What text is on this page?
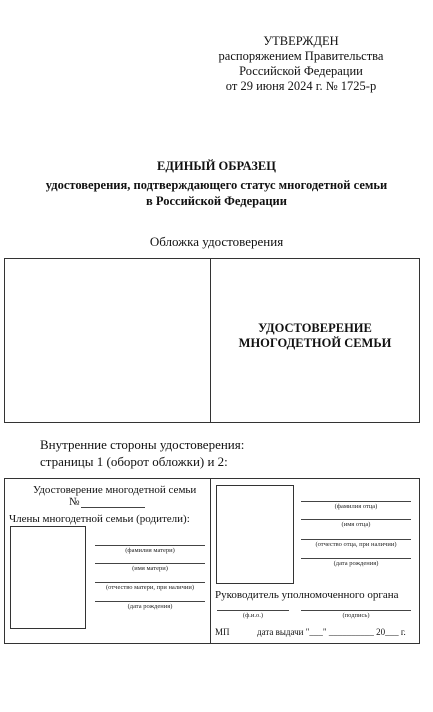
УТВЕРЖДЕН
распоряжением Правительства
Российской Федерации
от 29 июня 2024 г. № 1725-р
ЕДИНЫЙ ОБРАЗЕЦ
удостоверения, подтверждающего статус многодетной семьи
в Российской Федерации
Обложка удостоверения
УДОСТОВЕРЕНИЕ
МНОГОДЕТНОЙ СЕМЬИ
Внутренние стороны удостоверения:
страницы 1 (оборот обложки) и 2:
Удостоверение многодетной семьи
№
Члены многодетной семьи (родители):
(фамилия матери)
(имя матери)
(отчество матери, при наличии)
(дата рождения)
(фамилия отца)
(имя отца)
(отчество отца, при наличии)
(дата рождения)
Руководитель уполномоченного органа
(ф.и.о.)	(подпись)
МП	дата выдачи "___" __________ 20___ г.
